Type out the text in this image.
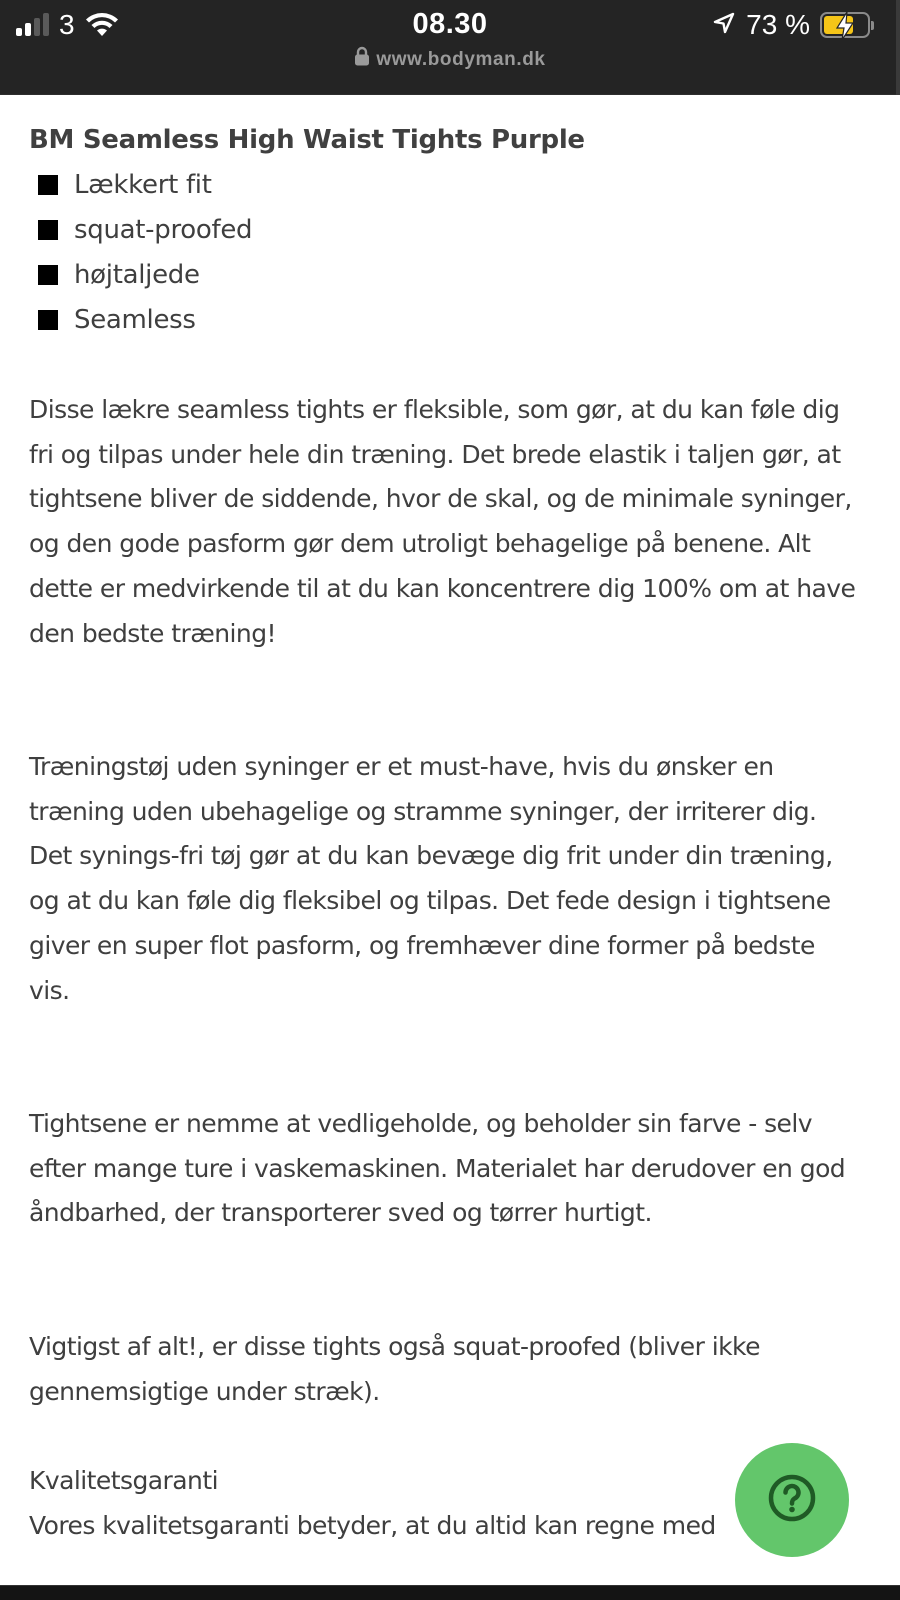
3	08.30
www.bodyman.dk
73 %
BM Seamless High Waist Tights Purple
Lækkert fit
squat-proofed
højtaljede
Seamless

Disse lækre seamless tights er fleksible, som gør, at du kan føle dig fri og tilpas under hele din træning. Det brede elastik i taljen gør, at tightsene bliver de siddende, hvor de skal, og de minimale syninger, og den gode pasform gør dem utroligt behagelige på benene. Alt dette er medvirkende til at du kan koncentrere dig 100% om at have den bedste træning!

Træningstøj uden syninger er et must-have, hvis du ønsker en træning uden ubehagelige og stramme syninger, der irriterer dig. Det synings-fri tøj gør at du kan bevæge dig frit under din træning, og at du kan føle dig fleksibel og tilpas. Det fede design i tightsene giver en super flot pasform, og fremhæver dine former på bedste vis.

Tightsene er nemme at vedligeholde, og beholder sin farve - selv efter mange ture i vaskemaskinen. Materialet har derudover en god åndbarhed, der transporterer sved og tørrer hurtigt.

Vigtigst af alt!, er disse tights også squat-proofed (bliver ikke gennemsigtige under stræk).

Kvalitetsgaranti
Vores kvalitetsgaranti betyder, at du altid kan regne med
